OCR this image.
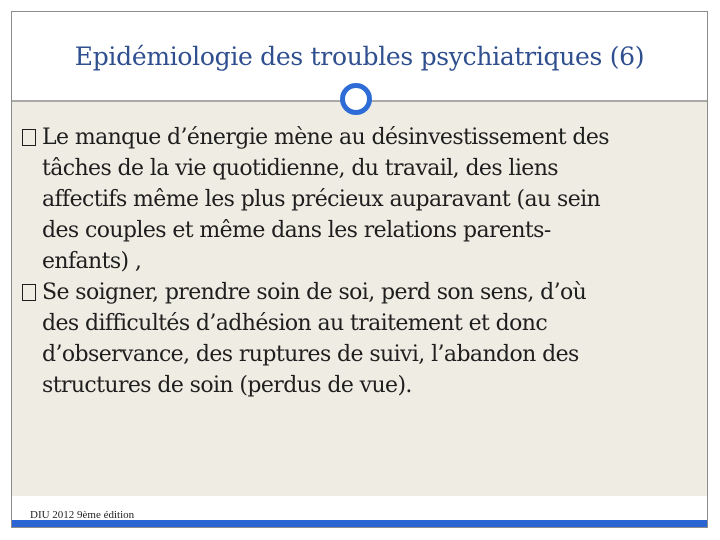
Epidémiologie des troubles psychiatriques (6)
Le manque d’énergie mène au désinvestissement des
tâches de la vie quotidienne, du travail, des liens
affectifs même les plus précieux auparavant (au sein
des couples et même dans les relations parents-
enfants) ,
Se soigner, prendre soin de soi, perd son sens, d’où
des difficultés d’adhésion au traitement et donc
d’observance, des ruptures de suivi, l’abandon des
structures de soin (perdus de vue).
DIU 2012 9ème édition
